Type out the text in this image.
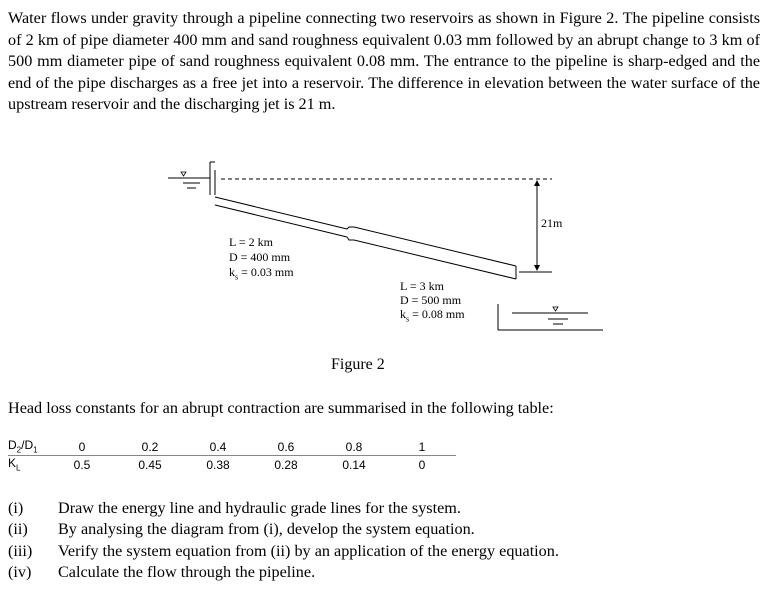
Water flows under gravity through a pipeline connecting two reservoirs as shown in Figure 2. The pipeline consists of 2 km of pipe diameter 400 mm and sand roughness equivalent 0.03 mm followed by an abrupt change to 3 km of 500 mm diameter pipe of sand roughness equivalent 0.08 mm. The entrance to the pipeline is sharp-edged and the end of the pipe discharges as a free jet into a reservoir. The difference in elevation between the water surface of the upstream reservoir and the discharging jet is 21 m.

21m
L = 2 km
D = 400 mm
$k_s = 0.03$ mm
L = 3 km
D = 500 mm
$k_s = 0.08$ mm
Figure 2
Head loss constants for an abrupt contraction are summarised in the following table:
$D_2/D_1$	0	0.2	0.4	0.6	0.8	1
$K_L$	0.5	0.45	0.38	0.28	0.14	0
(i) Draw the energy line and hydraulic grade lines for the system.
(ii) By analysing the diagram from (i), develop the system equation.
(iii) Verify the system equation from (ii) by an application of the energy equation.
(iv) Calculate the flow through the pipeline.
